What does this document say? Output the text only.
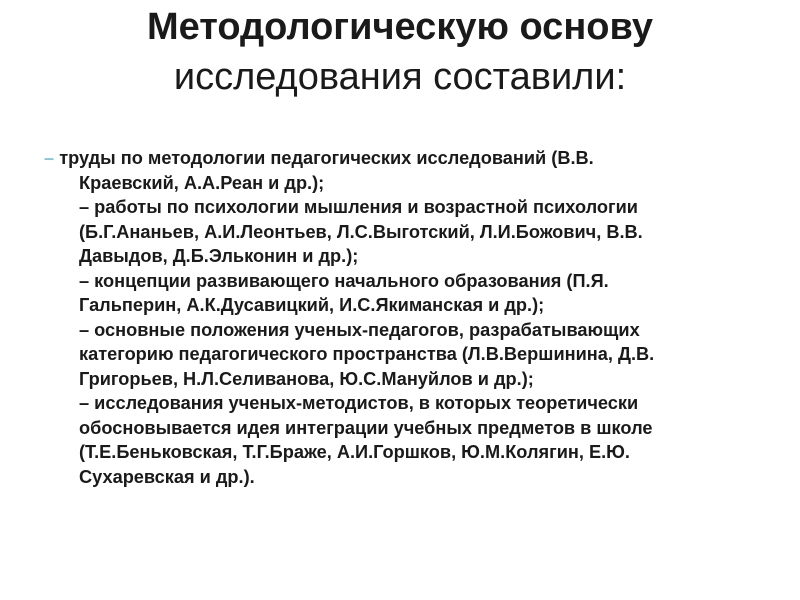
Методологическую основу
исследования составили:
– труды по методологии педагогических исследований (В.В.
Краевский, А.А.Реан и др.);
– работы по психологии мышления и возрастной психологии
(Б.Г.Ананьев, А.И.Леонтьев, Л.С.Выготский, Л.И.Божович, В.В.
Давыдов, Д.Б.Эльконин и др.);
– концепции развивающего начального образования (П.Я.
Гальперин, А.К.Дусавицкий, И.С.Якиманская и др.);
– основные положения ученых-педагогов, разрабатывающих
категорию педагогического пространства (Л.В.Вершинина, Д.В.
Григорьев, Н.Л.Селиванова, Ю.С.Мануйлов и др.);
– исследования ученых-методистов, в которых теоретически
обосновывается идея интеграции учебных предметов в школе
(Т.Е.Беньковская, Т.Г.Браже, А.И.Горшков, Ю.М.Колягин, Е.Ю.
Сухаревская и др.).
